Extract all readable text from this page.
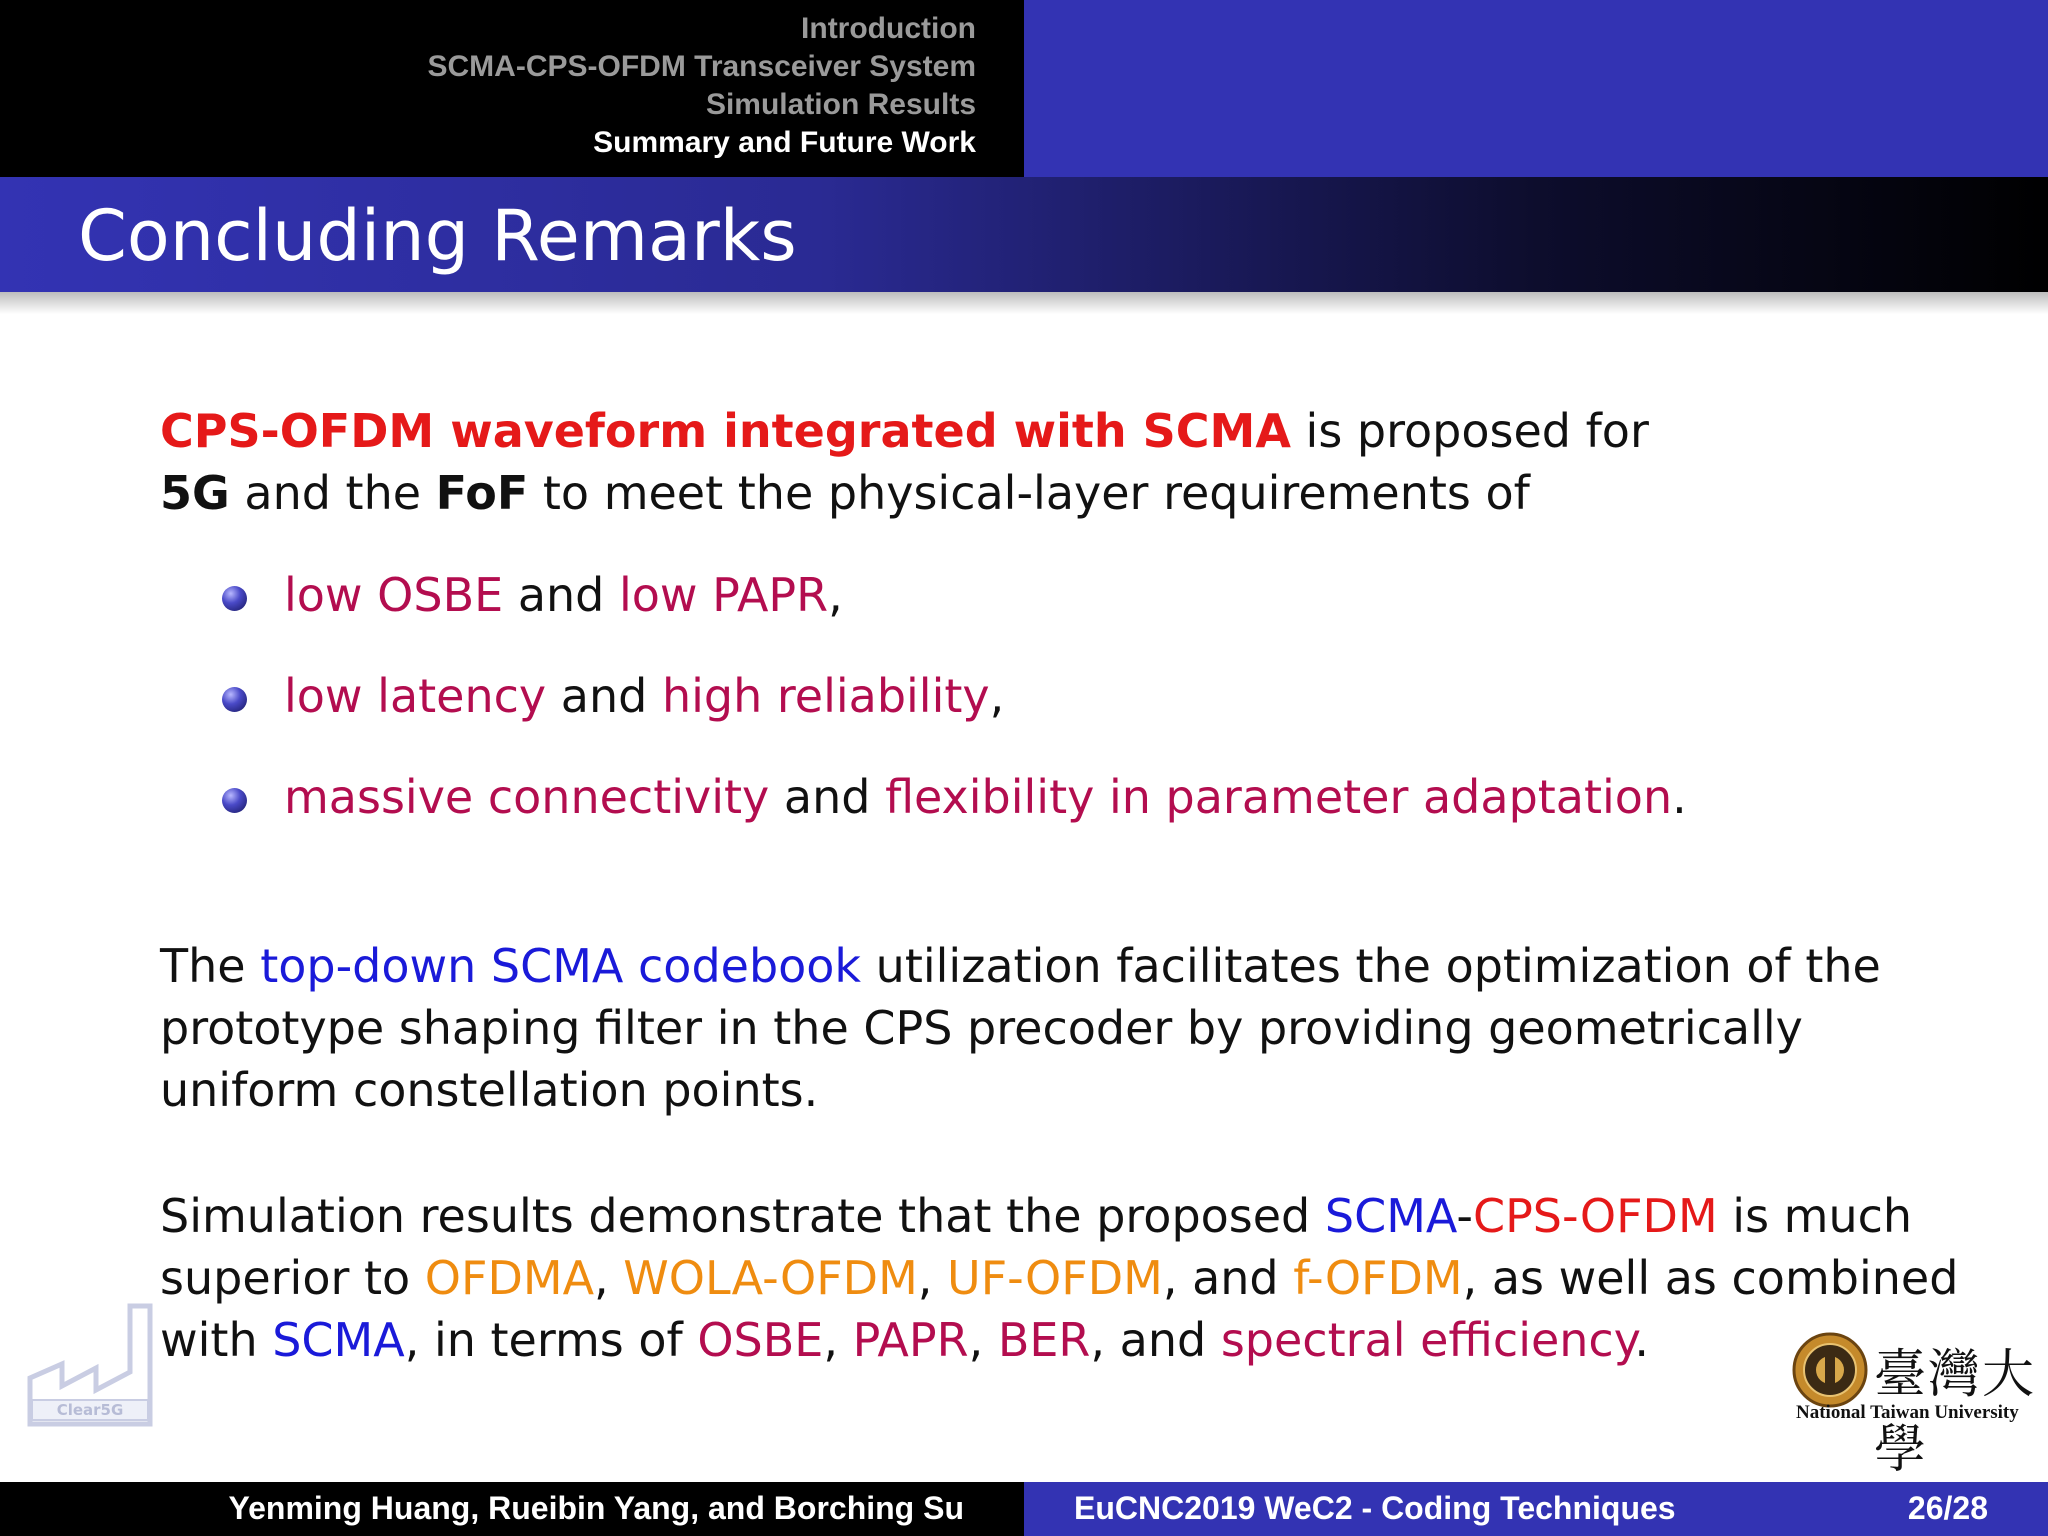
Introduction
SCMA-CPS-OFDM Transceiver System
Simulation Results
Summary and Future Work
Concluding Remarks
CPS-OFDM waveform integrated with SCMA is proposed for
5G and the FoF to meet the physical-layer requirements of
low OSBE and low PAPR,
low latency and high reliability,
massive connectivity and flexibility in parameter adaptation.
The top-down SCMA codebook utilization facilitates the optimization of the prototype shaping filter in the CPS precoder by providing geometrically uniform constellation points.
Simulation results demonstrate that the proposed SCMA-CPS-OFDM is much superior to OFDMA, WOLA-OFDM, UF-OFDM, and f-OFDM, as well as combined with SCMA, in terms of OSBE, PAPR, BER, and spectral efficiency.
Clear5G
臺灣大學
National Taiwan University
Yenming Huang, Rueibin Yang, and Borching Su	EuCNC2019 WeC2 - Coding Techniques	26/28
